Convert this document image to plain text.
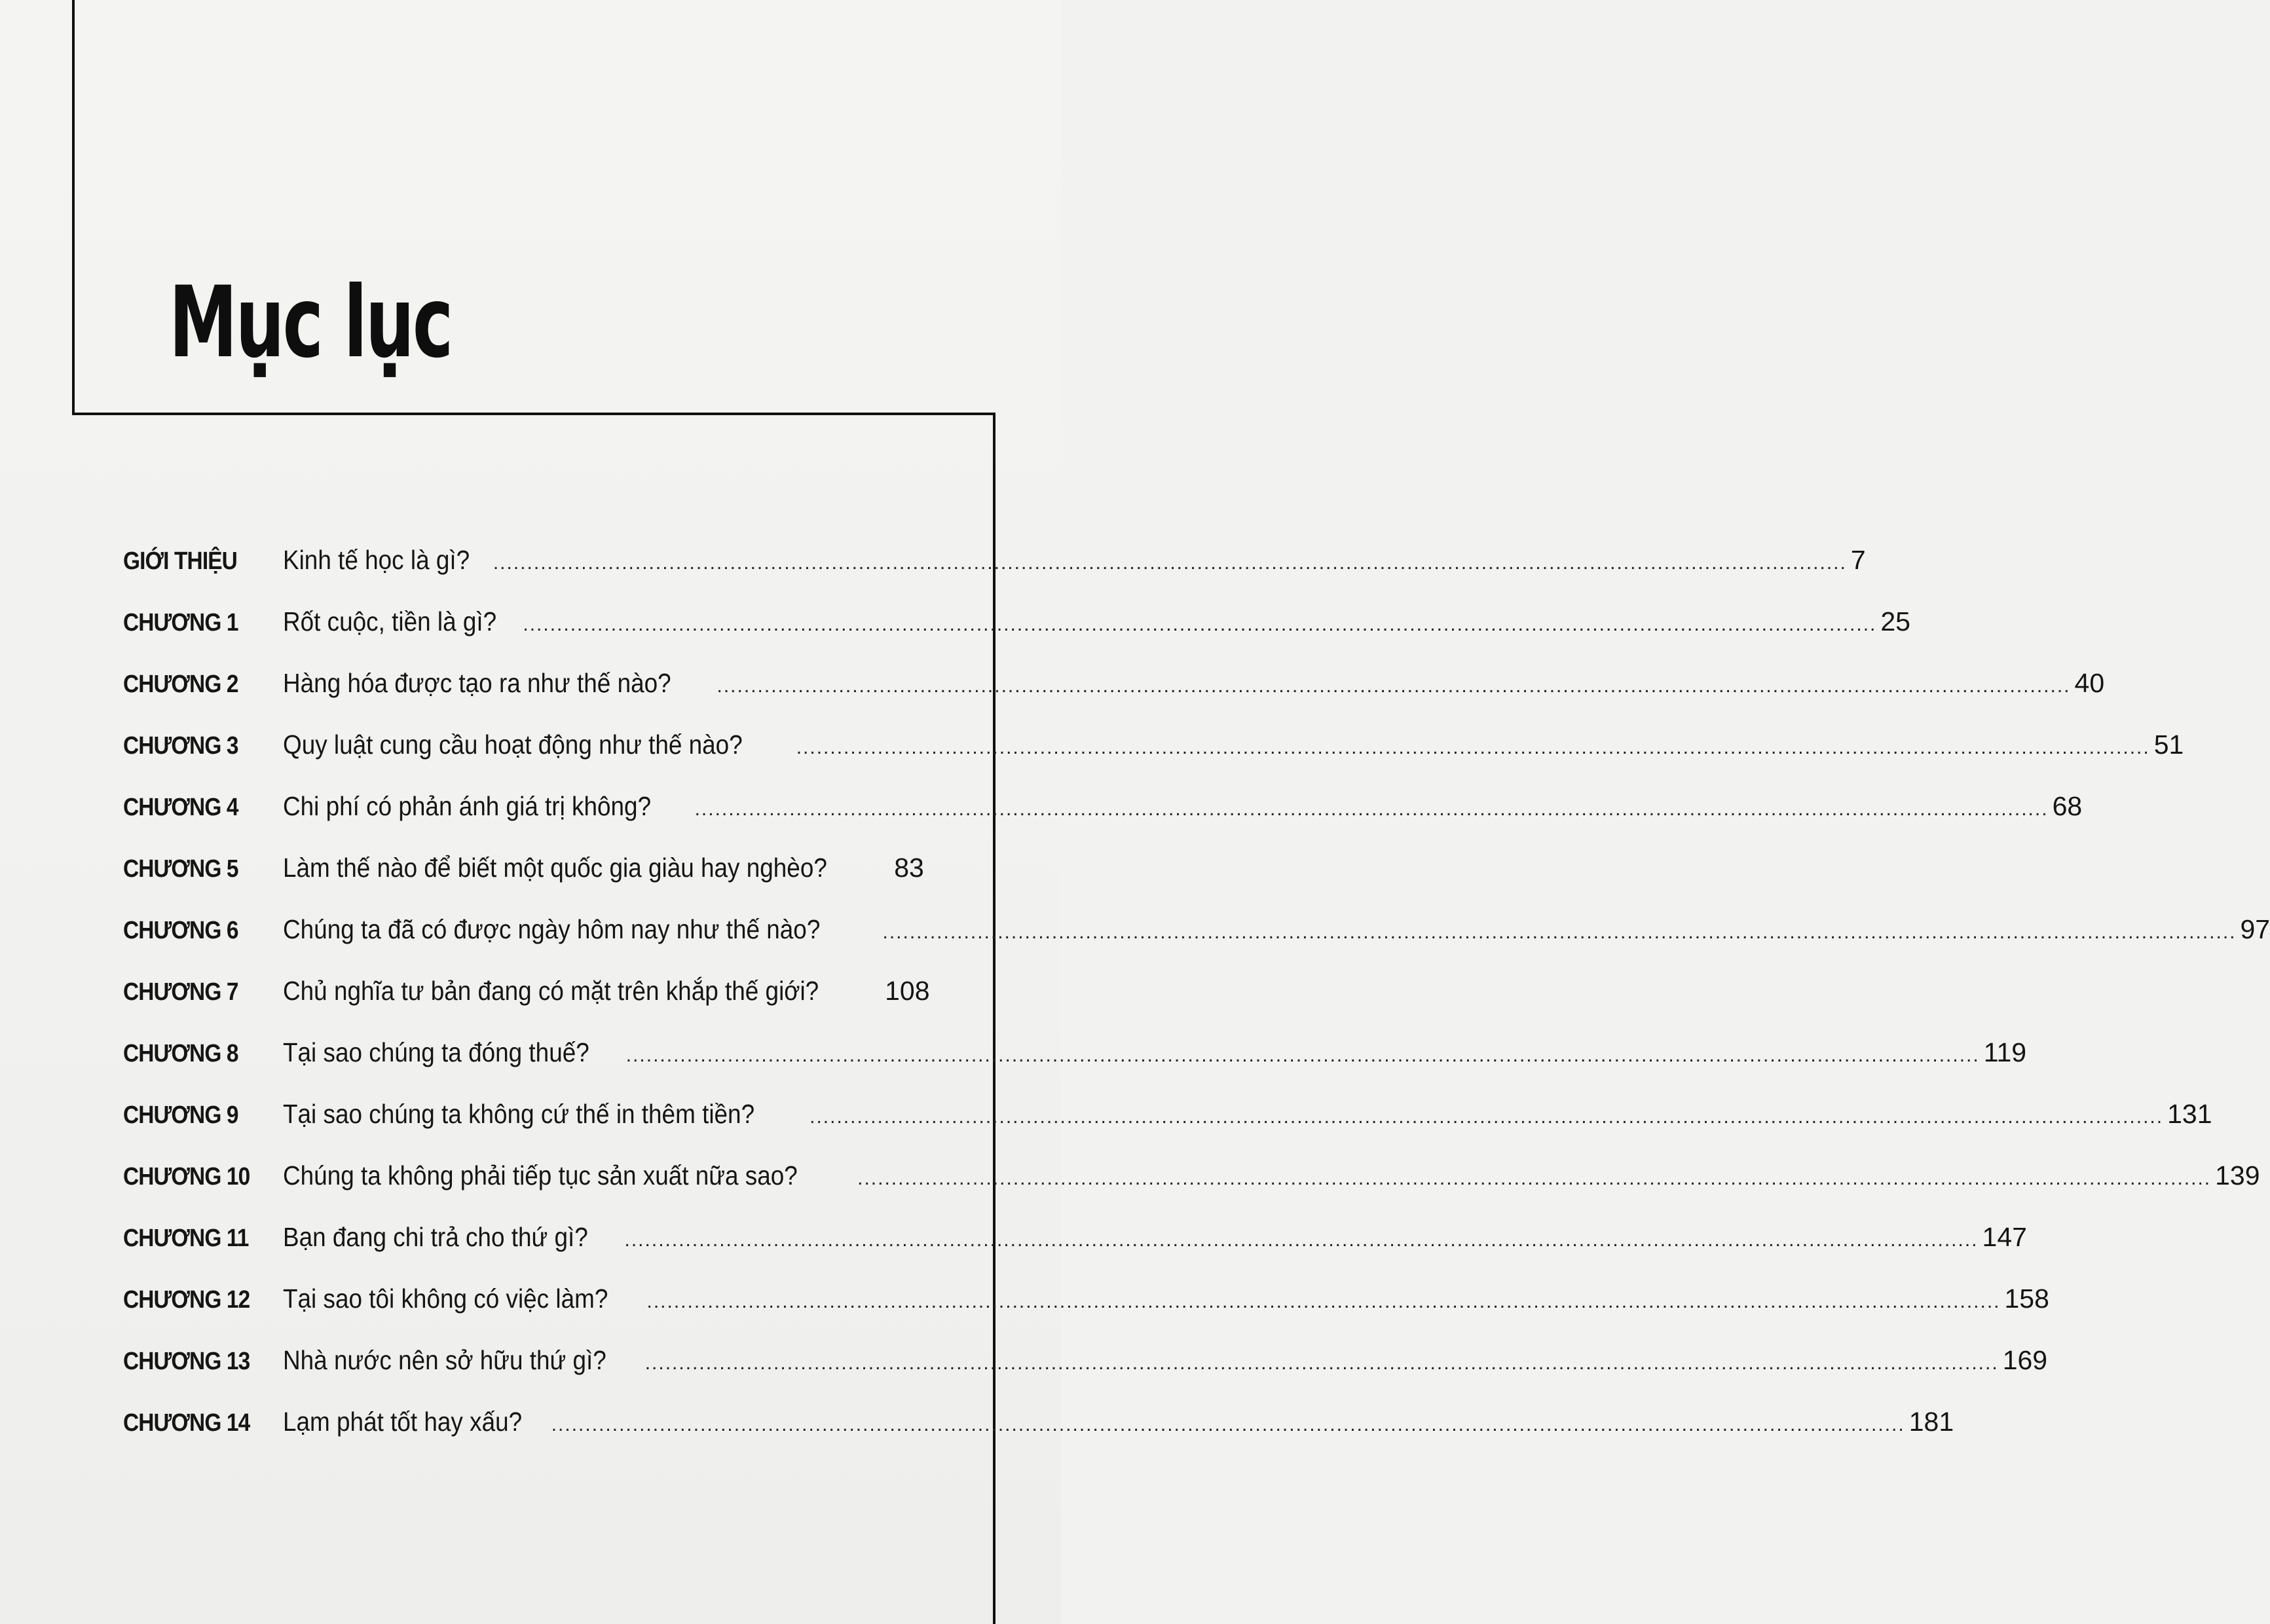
Mục lục
GIỚI THIỆU	Kinh tế học là gì? ........................................................................................................................................................................................................ 7
CHƯƠNG 1	Rốt cuộc, tiền là gì? ........................................................................................................................................................................................................ 25
CHƯƠNG 2	Hàng hóa được tạo ra như thế nào? ........................................................................................................................................................................................................ 40
CHƯƠNG 3	Quy luật cung cầu hoạt động như thế nào?	........................................................................................................................................................................................................ 51
CHƯƠNG 4	Chi phí có phản ánh giá trị không? ........................................................................................................................................................................................................ 68
CHƯƠNG 5	Làm thế nào để biết một quốc gia giàu hay nghèo? 83
CHƯƠNG 6	Chúng ta đã có được ngày hôm nay như thế nào?	........................................................................................................................................................................................................ 97
CHƯƠNG 7	Chủ nghĩa tư bản đang có mặt trên khắp thế giới? 108
CHƯƠNG 8	Tại sao chúng ta đóng thuế? ........................................................................................................................................................................................................ 119
CHƯƠNG 9	Tại sao chúng ta không cứ thế in thêm tiền?	........................................................................................................................................................................................................ 131
CHƯƠNG 10	Chúng ta không phải tiếp tục sản xuất nữa sao?	........................................................................................................................................................................................................ 139
CHƯƠNG 11	Bạn đang chi trả cho thứ gì? ........................................................................................................................................................................................................ 147
CHƯƠNG 12	Tại sao tôi không có việc làm? ........................................................................................................................................................................................................ 158
CHƯƠNG 13	Nhà nước nên sở hữu thứ gì? ........................................................................................................................................................................................................ 169
CHƯƠNG 14	Lạm phát tốt hay xấu? ........................................................................................................................................................................................................ 181
